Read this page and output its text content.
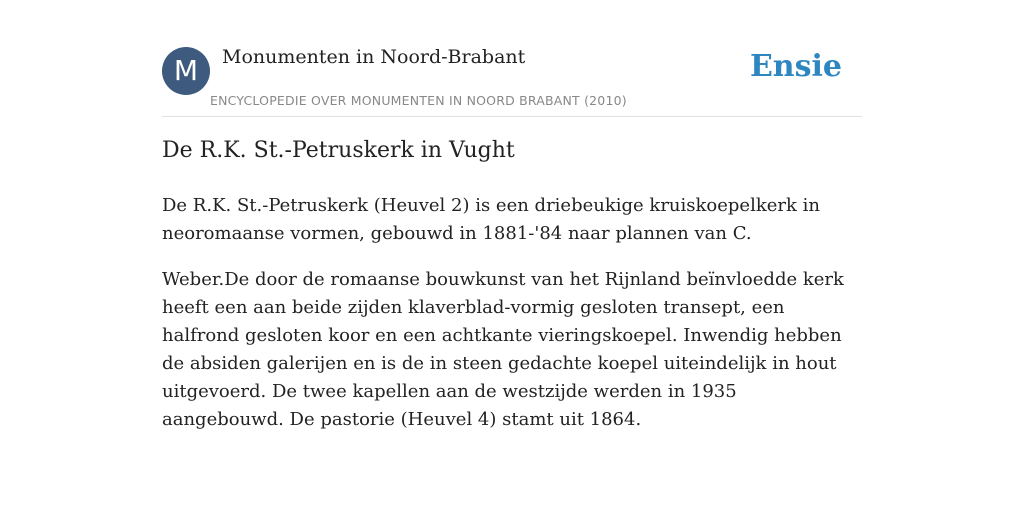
M	Monumenten in Noord-Brabant
ENCYCLOPEDIE OVER MONUMENTEN IN NOORD BRABANT (2010)
Ensie
De R.K. St.-Petruskerk in Vught

De R.K. St.-Petruskerk (Heuvel 2) is een driebeukige kruiskoepelkerk in neoromaanse vormen, gebouwd in 1881-'84 naar plannen van C.

Weber.De door de romaanse bouwkunst van het Rijnland beïnvloedde kerk heeft een aan beide zijden klaverblad-vormig gesloten transept, een halfrond gesloten koor en een achtkante vieringskoepel. Inwendig hebben de absiden galerijen en is de in steen gedachte koepel uiteindelijk in hout uitgevoerd. De twee kapellen aan de westzijde werden in 1935 aangebouwd. De pastorie (Heuvel 4) stamt uit 1864.
